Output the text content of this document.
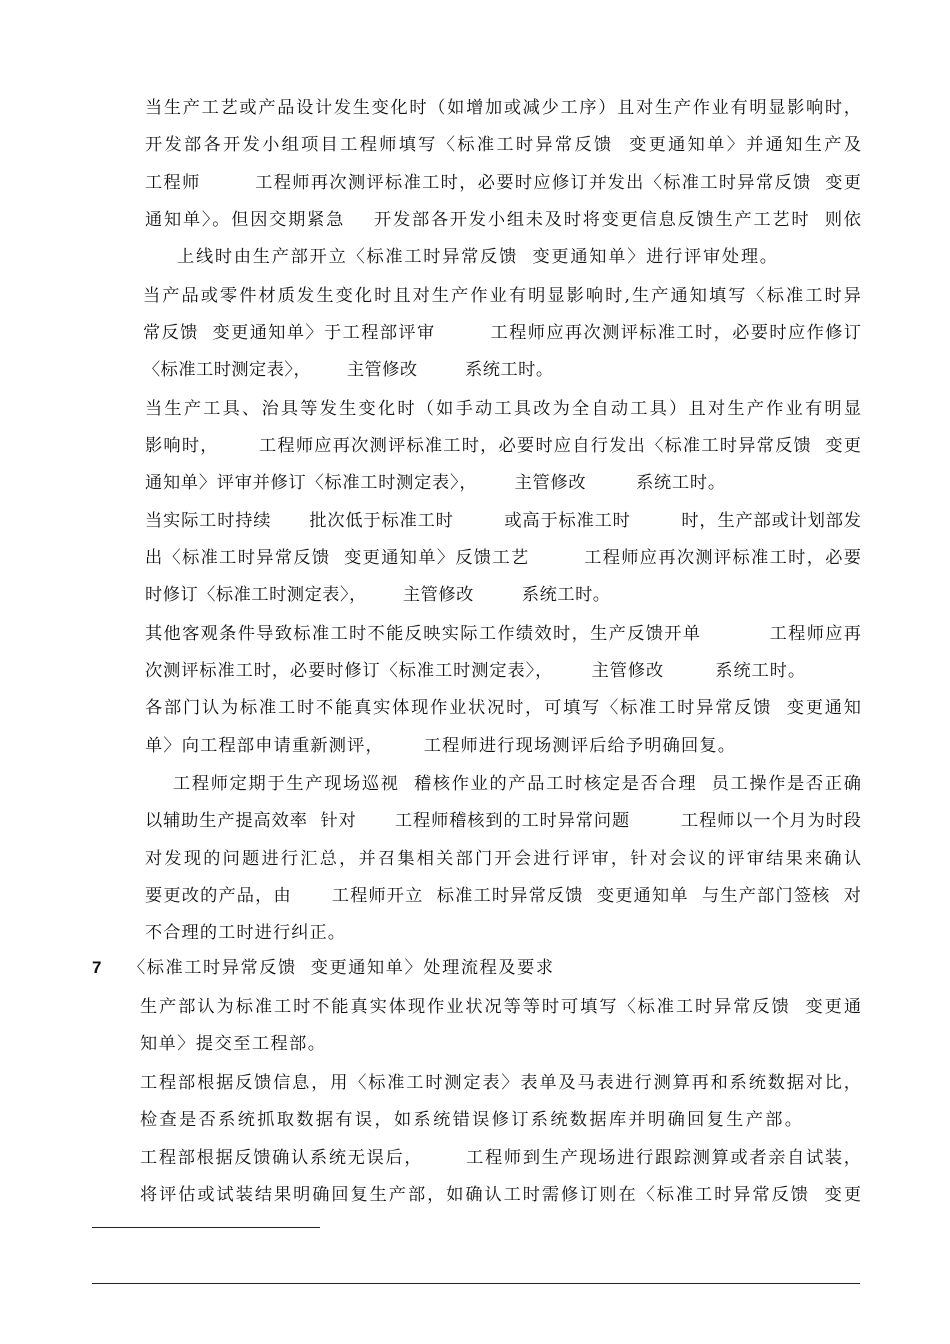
当生产工艺或产品设计发生变化时（如增加或减少工序）且对生产作业有明显影响时，
开发部各开发小组项目工程师填写〈标准工时异常反馈  变更通知单〉并通知生产及
工程师        工程师再次测评标准工时，必要时应修订并发出〈标准工时异常反馈  变更
通知单〉。但因交期紧急    开发部各开发小组未及时将变更信息反馈生产工艺时  则依
上线时由生产部开立〈标准工时异常反馈  变更通知单〉进行评审处理。
当产品或零件材质发生变化时且对生产作业有明显影响时,生产通知填写〈标准工时异
常反馈  变更通知单〉于工程部评审        工程师应再次测评标准工时，必要时应作修订
〈标准工时测定表〉，      主管修改        系统工时。
当生产工具、治具等发生变化时（如手动工具改为全自动工具）且对生产作业有明显
影响时，      工程师应再次测评标准工时，必要时应自行发出〈标准工时异常反馈  变更
通知单〉评审并修订〈标准工时测定表〉，      主管修改        系统工时。
当实际工时持续      批次低于标准工时        或高于标准工时        时，生产部或计划部发
出〈标准工时异常反馈  变更通知单〉反馈工艺        工程师应再次测评标准工时，必要
时修订〈标准工时测定表〉，      主管修改        系统工时。
其他客观条件导致标准工时不能反映实际工作绩效时，生产反馈开单          工程师应再
次测评标准工时，必要时修订〈标准工时测定表〉，      主管修改        系统工时。
各部门认为标准工时不能真实体现作业状况时，可填写〈标准工时异常反馈  变更通知
单〉向工程部申请重新测评，      工程师进行现场测评后给予明确回复。
工程师定期于生产现场巡视  稽核作业的产品工时核定是否合理  员工操作是否正确
以辅助生产提高效率  针对      工程师稽核到的工时异常问题        工程师以一个月为时段
对发现的问题进行汇总，并召集相关部门开会进行评审，针对会议的评审结果来确认
要更改的产品，由      工程师开立  标准工时异常反馈  变更通知单  与生产部门签核  对
不合理的工时进行纠正。
7 〈标准工时异常反馈  变更通知单〉处理流程及要求
生产部认为标准工时不能真实体现作业状况等等时可填写〈标准工时异常反馈  变更通
知单〉提交至工程部。
工程部根据反馈信息，用〈标准工时测定表〉表单及马表进行测算再和系统数据对比，
检查是否系统抓取数据有误，如系统错误修订系统数据库并明确回复生产部。
工程部根据反馈确认系统无误后，      工程师到生产现场进行跟踪测算或者亲自试装，
将评估或试装结果明确回复生产部，如确认工时需修订则在〈标准工时异常反馈  变更
